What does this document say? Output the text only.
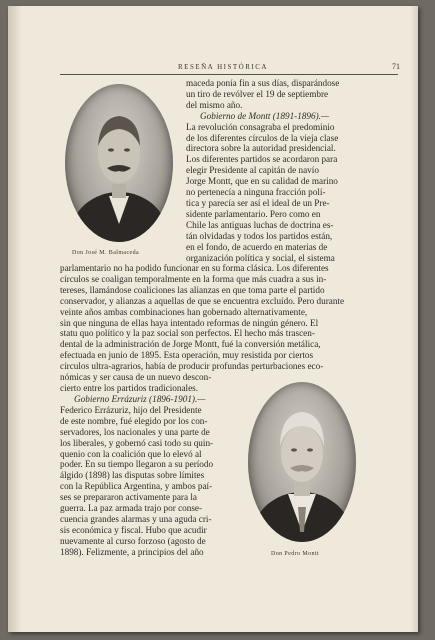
RESEÑA HISTÓRICA	71
Don José M. Balmaceda
maceda ponía fin a sus días, disparándose
un tiro de revólver el 19 de septiembre
del mismo año.
Gobierno de Montt (1891-1896).—
La revolución consagraba el predominio
de los diferentes círculos de la vieja clase
directora sobre la autoridad presidencial.
Los diferentes partidos se acordaron para
elegir Presidente al capitán de navío
Jorge Montt, que en su calidad de marino
no pertenecía a ninguna fracción polí-
tica y parecía ser así el ideal de un Pre-
sidente parlamentario. Pero como en
Chile las antiguas luchas de doctrina es-
tán olvidadas y todos los partidos están,
en el fondo, de acuerdo en materias de
organización política y social, el sistema
parlamentario no ha podido funcionar en su forma clásica. Los diferentes
círculos se coaligan temporalmente en la forma que más cuadra a sus in-
tereses, llamándose coaliciones las alianzas en que toma parte el partido
conservador, y alianzas a aquellas de que se encuentra excluído. Pero durante
veinte años ambas combinaciones han gobernado alternativamente,
sin que ninguna de ellas haya intentado reformas de ningún género. El
statu quo político y la paz social son perfectos. El hecho más trascen-
dental de la administración de Jorge Montt, fué la conversión metálica,
efectuada en junio de 1895. Esta operación, muy resistida por ciertos
círculos ultra-agrarios, había de producir profundas perturbaciones eco-
nómicas y ser causa de un nuevo descon-
cierto entre los partidos tradicionales.
Gobierno Errázuriz (1896-1901).—
Federico Errázuriz, hijo del Presidente
de este nombre, fué elegido por los con-
servadores, los nacionales y una parte de
los liberales, y gobernó casi todo su quin-
quenio con la coalición que lo elevó al
poder. En su tiempo llegaron a su período
álgido (1898) las disputas sobre límites
con la República Argentina, y ambos paí-
ses se prepararon activamente para la
guerra. La paz armada trajo por conse-
cuencia grandes alarmas y una aguda cri-
sis económica y fiscal. Hubo que acudir
nuevamente al curso forzoso (agosto de
1898). Felizmente, a principios del año	Don Pedro Montt
